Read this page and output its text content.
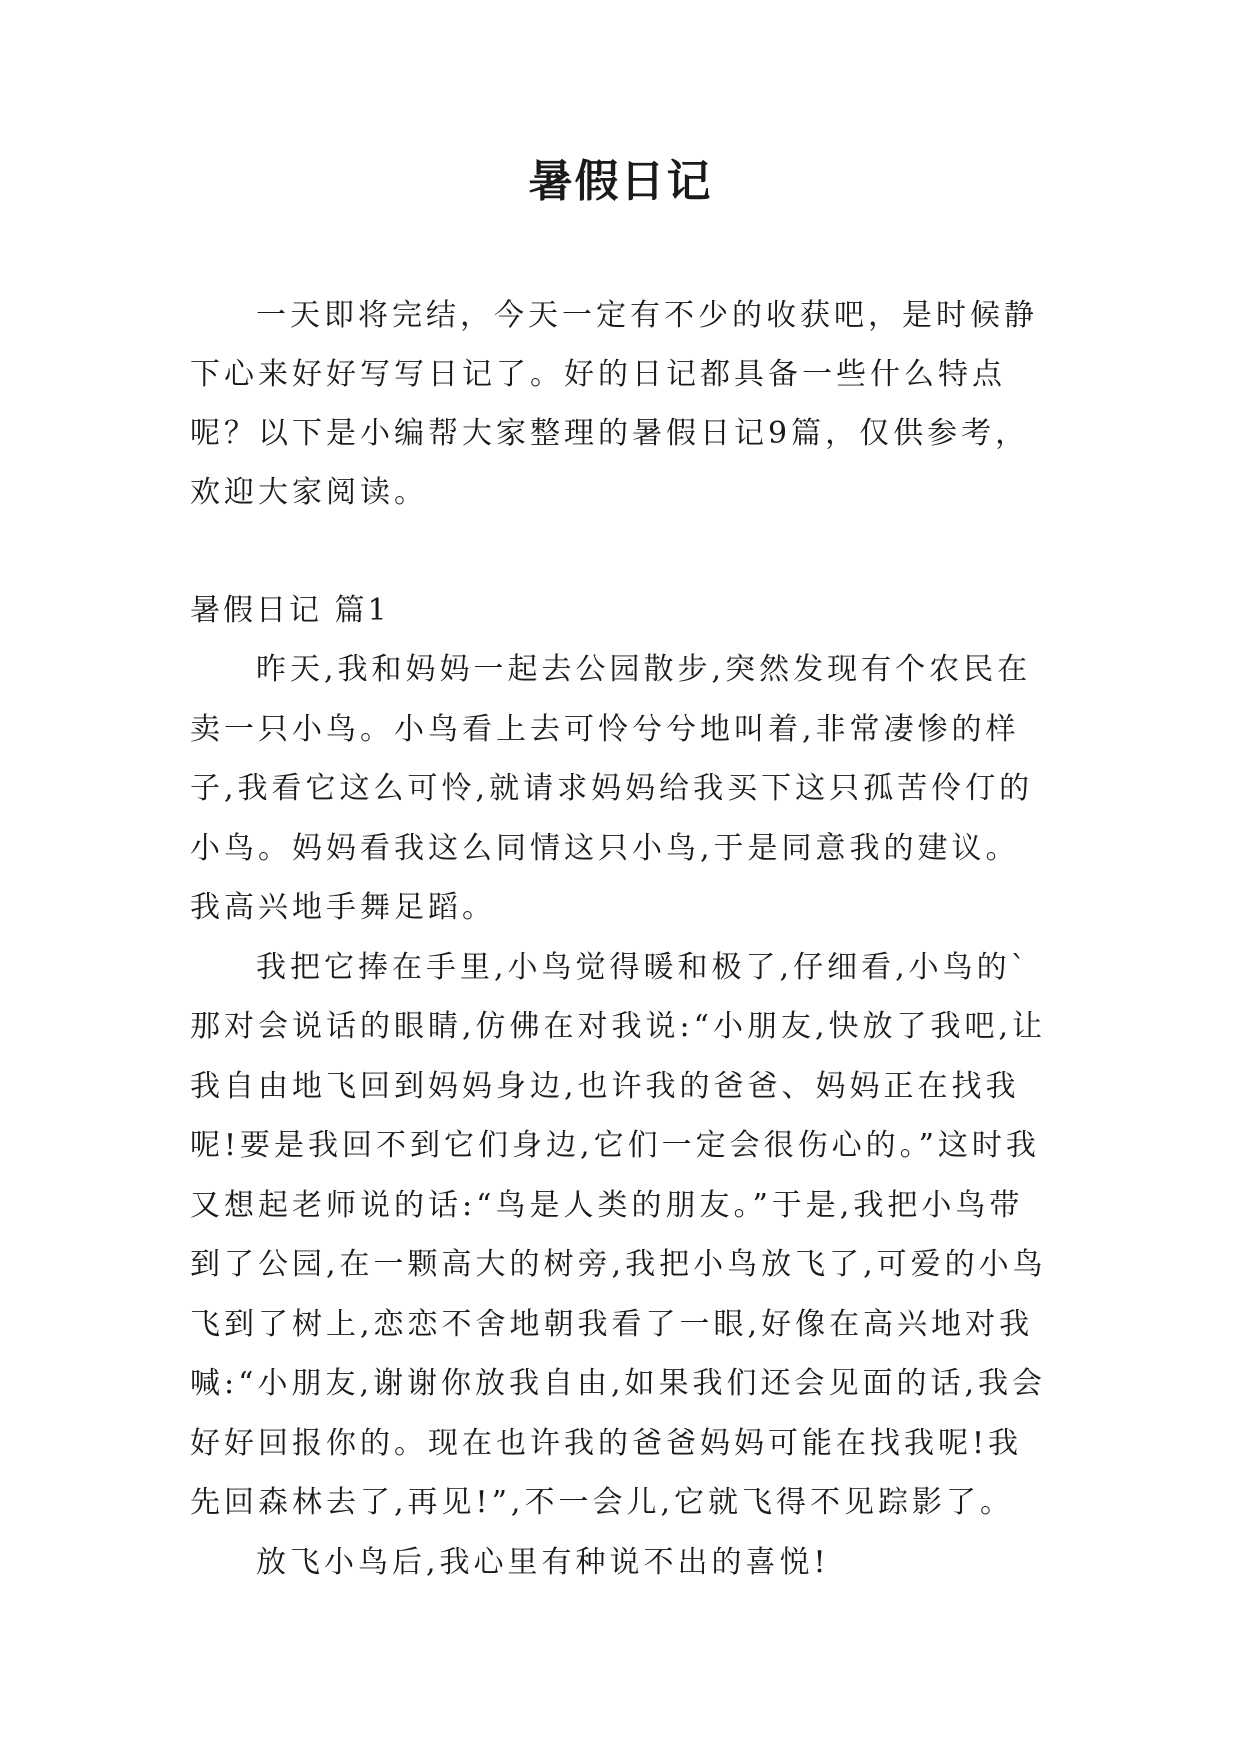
暑假日记

一天即将完结，今天一定有不少的收获吧，是时候静下心来好好写写日记了。好的日记都具备一些什么特点呢？以下是小编帮大家整理的暑假日记9篇，仅供参考，欢迎大家阅读。

暑假日记 篇1

昨天,我和妈妈一起去公园散步,突然发现有个农民在卖一只小鸟。小鸟看上去可怜兮兮地叫着,非常凄惨的样子,我看它这么可怜,就请求妈妈给我买下这只孤苦伶仃的小鸟。妈妈看我这么同情这只小鸟,于是同意我的建议。我高兴地手舞足蹈。

我把它捧在手里,小鸟觉得暖和极了,仔细看,小鸟的`那对会说话的眼睛,仿佛在对我说:“小朋友,快放了我吧,让我自由地飞回到妈妈身边,也许我的爸爸、妈妈正在找我呢!要是我回不到它们身边,它们一定会很伤心的。”这时我又想起老师说的话:“鸟是人类的朋友。”于是,我把小鸟带到了公园,在一颗高大的树旁,我把小鸟放飞了,可爱的小鸟飞到了树上,恋恋不舍地朝我看了一眼,好像在高兴地对我喊:“小朋友,谢谢你放我自由,如果我们还会见面的话,我会好好回报你的。现在也许我的爸爸妈妈可能在找我呢!我先回森林去了,再见!”,不一会儿,它就飞得不见踪影了。

放飞小鸟后,我心里有种说不出的喜悦!
